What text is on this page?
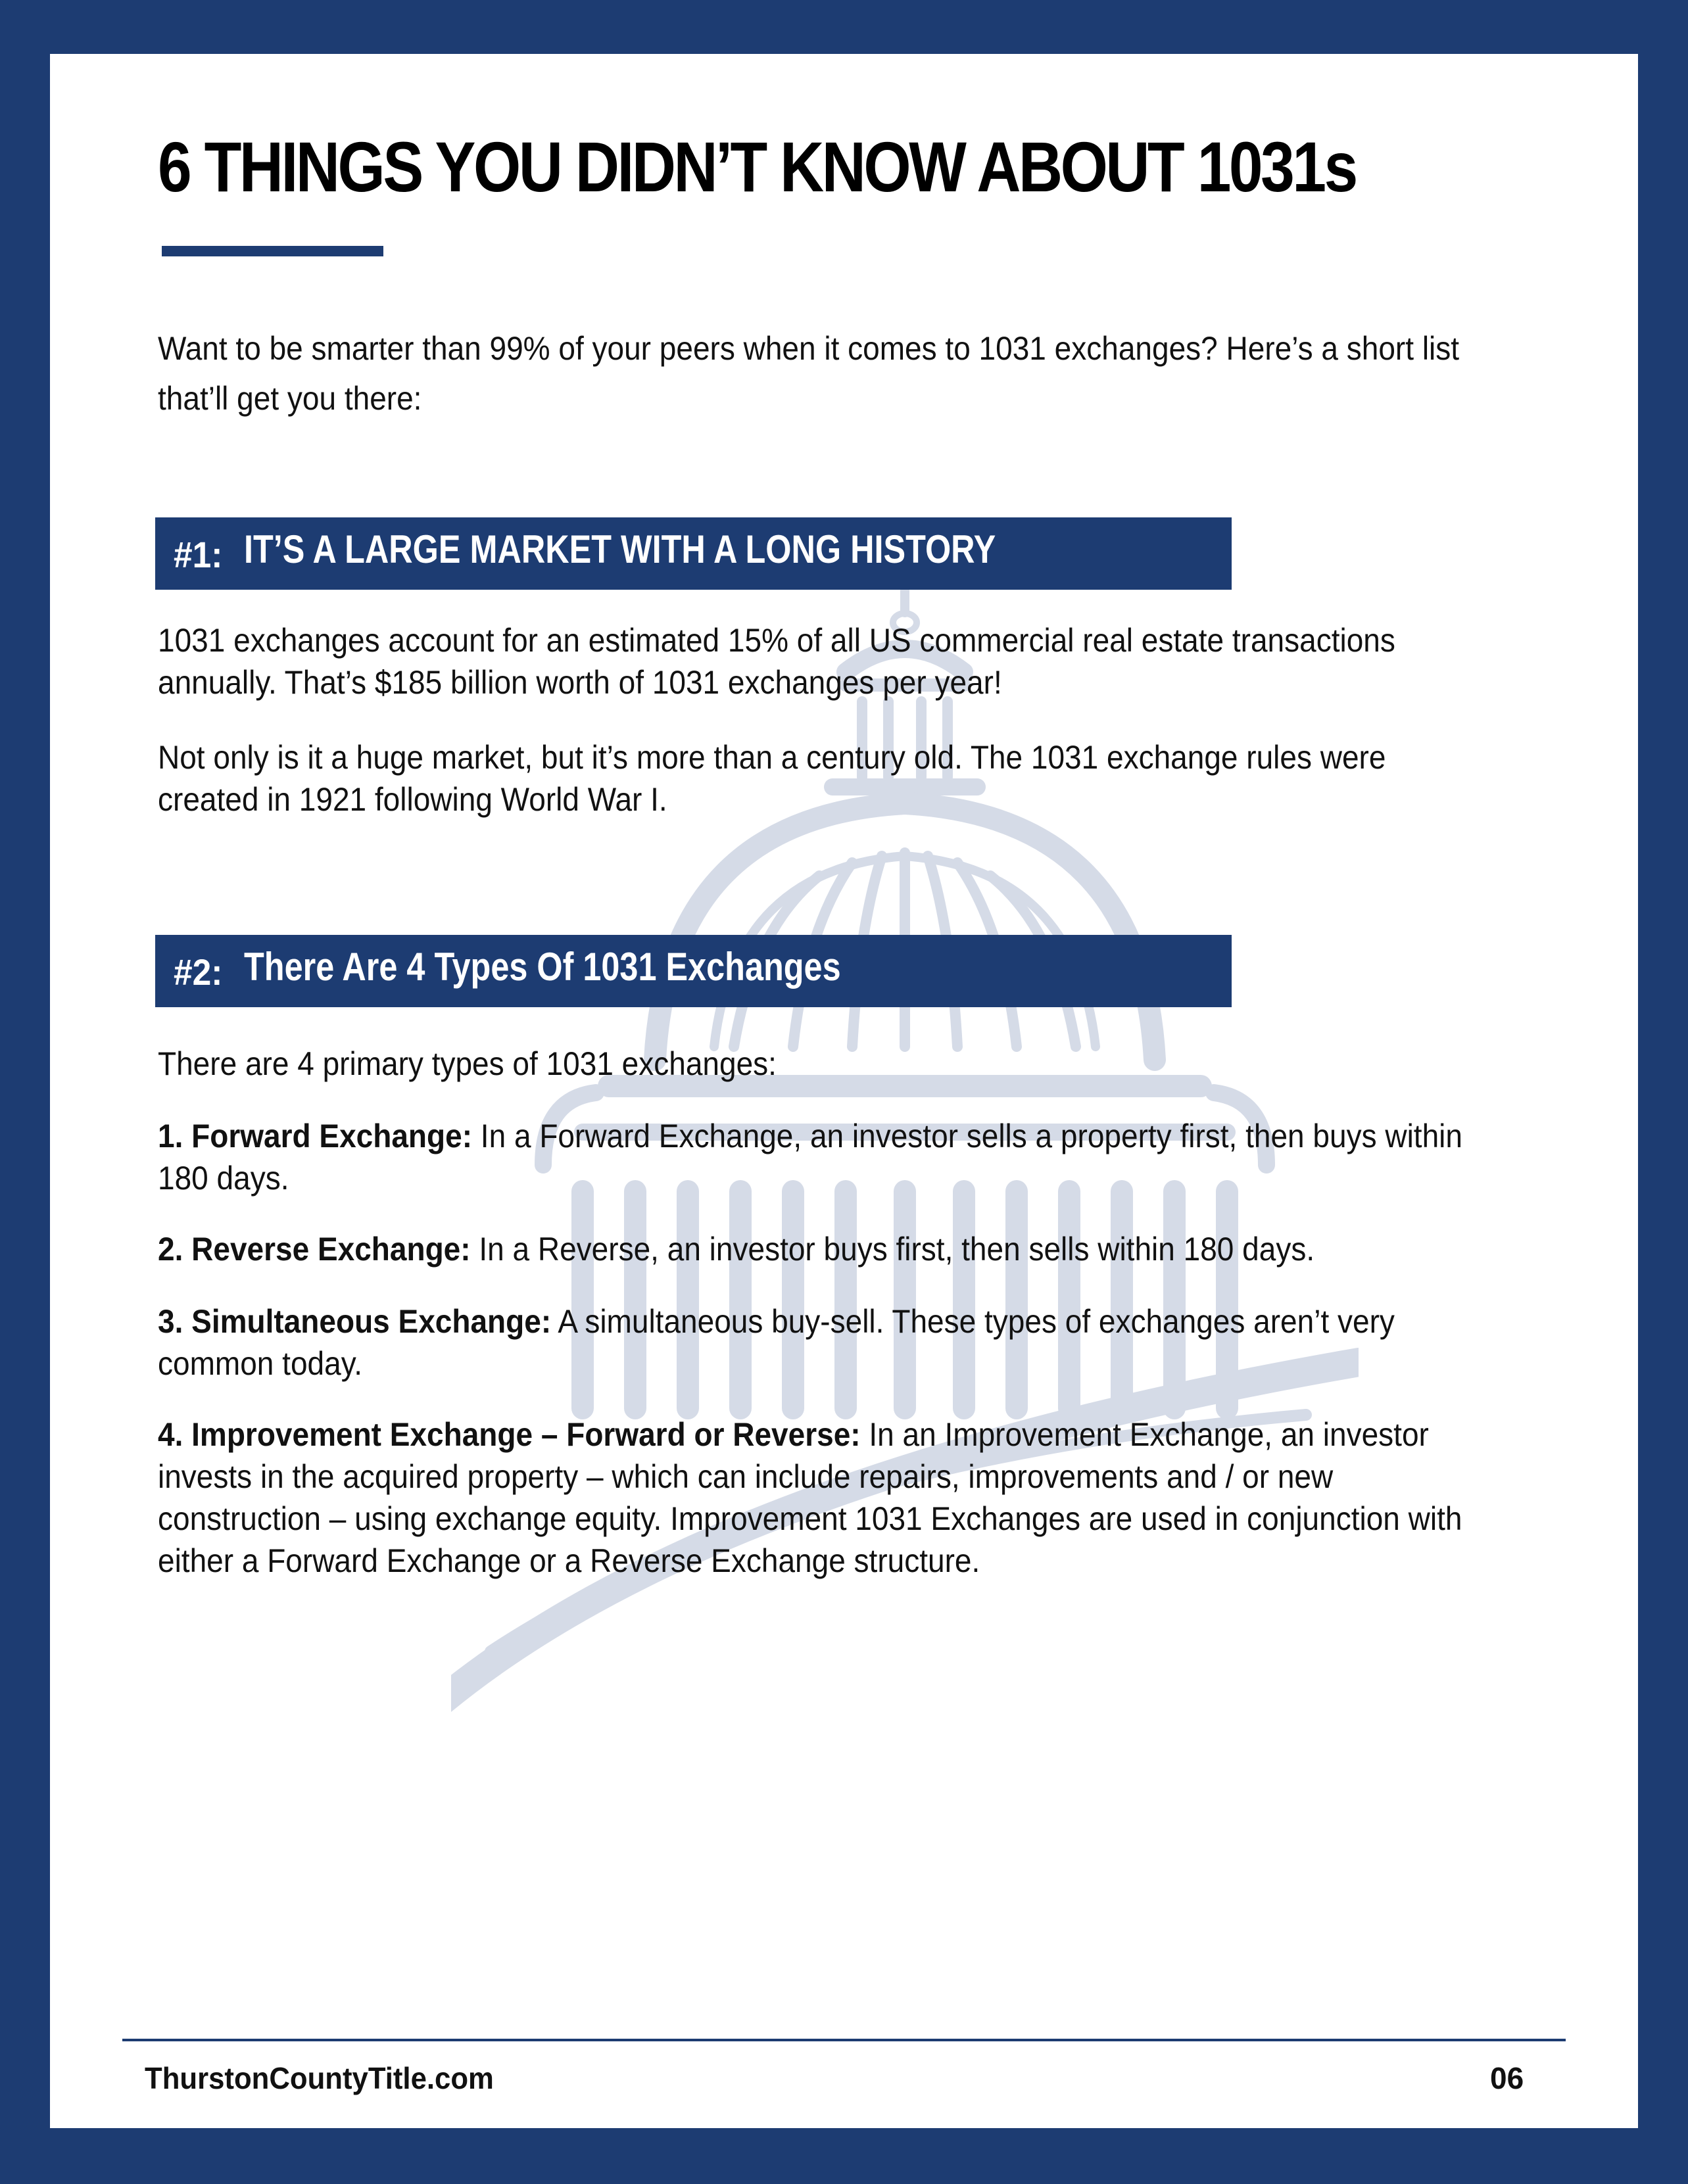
6 THINGS YOU DIDN’T KNOW ABOUT 1031s

Want to be smarter than 99% of your peers when it comes to 1031 exchanges? Here’s a short list that’ll get you there:

#1: IT’S A LARGE MARKET WITH A LONG HISTORY

1031 exchanges account for an estimated 15% of all US commercial real estate transactions annually. That’s $185 billion worth of 1031 exchanges per year!

Not only is it a huge market, but it’s more than a century old. The 1031 exchange rules were created in 1921 following World War I.

#2: There Are 4 Types Of 1031 Exchanges

There are 4 primary types of 1031 exchanges:

1. Forward Exchange: In a Forward Exchange, an investor sells a property first, then buys within 180 days.

2. Reverse Exchange: In a Reverse, an investor buys first, then sells within 180 days.

3. Simultaneous Exchange: A simultaneous buy-sell. These types of exchanges aren’t very common today.

4. Improvement Exchange – Forward or Reverse: In an Improvement Exchange, an investor invests in the acquired property – which can include repairs, improvements and / or new construction – using exchange equity. Improvement 1031 Exchanges are used in conjunction with either a Forward Exchange or a Reverse Exchange structure.

ThurstonCountyTitle.com	06
